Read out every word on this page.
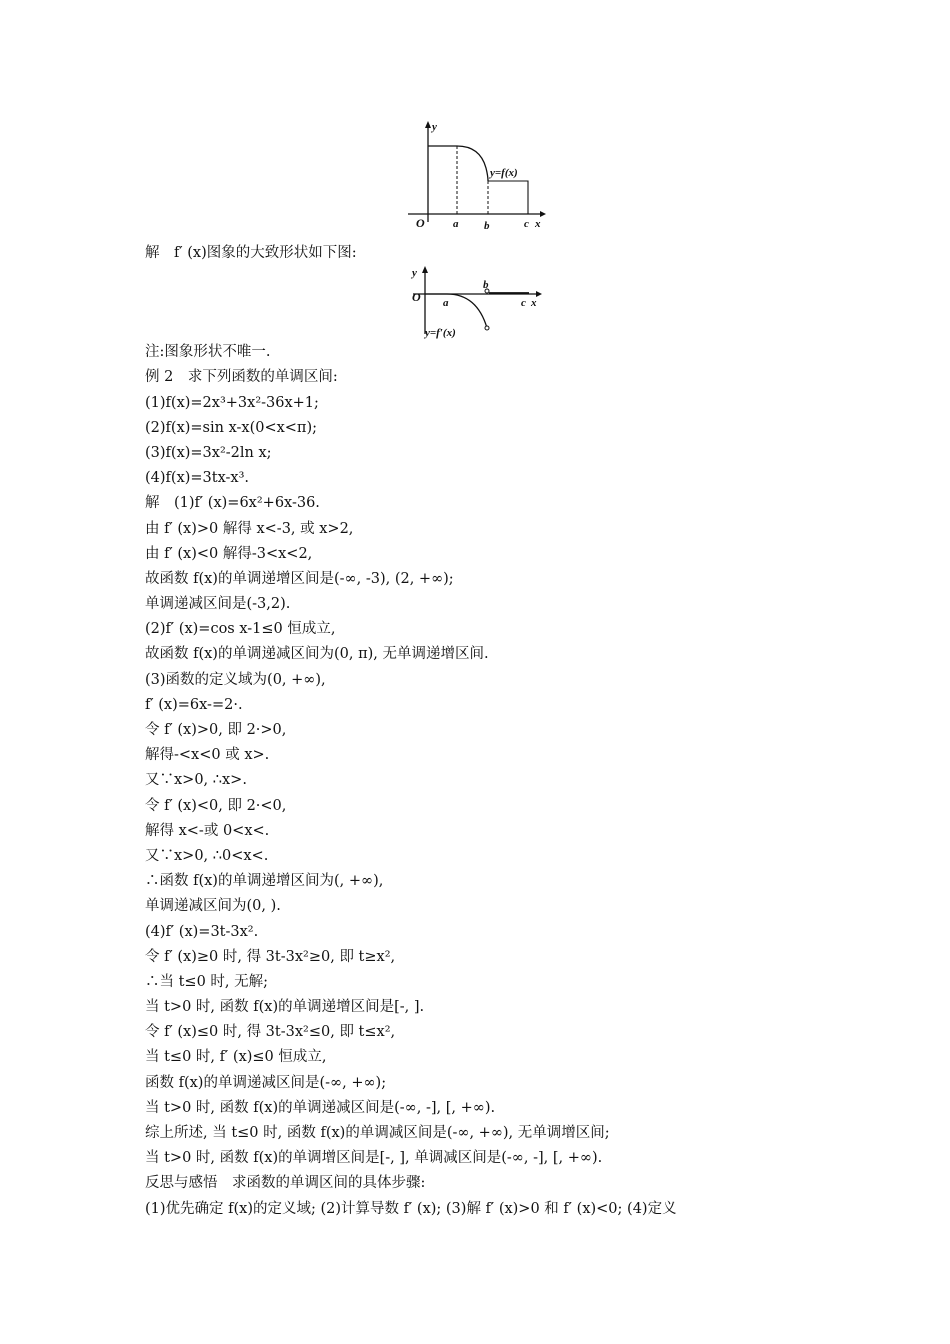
y
O	a b	c x
y=f(x)
y
O a
b
c x
y=f′(x)
解　f′ (x)图象的大致形状如下图:
注:图象形状不唯一.
例 2　求下列函数的单调区间:
(1)f(x)=2x³+3x²-36x+1;
(2)f(x)=sin x-x(0<x<π);
(3)f(x)=3x²-2ln x;
(4)f(x)=3tx-x³.
解　(1)f′ (x)=6x²+6x-36.
由 f′ (x)>0 解得 x<-3, 或 x>2,
由 f′ (x)<0 解得-3<x<2,
故函数 f(x)的单调递增区间是(-∞, -3), (2, +∞);
单调递减区间是(-3,2).
(2)f′ (x)=cos x-1≤0 恒成立,
故函数 f(x)的单调递减区间为(0, π), 无单调递增区间.
(3)函数的定义域为(0, +∞),
f′ (x)=6x-=2·.
令 f′ (x)>0, 即 2·>0,
解得-<x<0 或 x>.
又∵x>0, ∴x>.
令 f′ (x)<0, 即 2·<0,
解得 x<-或 0<x<.
又∵x>0, ∴0<x<.
∴函数 f(x)的单调递增区间为(, +∞),
单调递减区间为(0, ).
(4)f′ (x)=3t-3x².
令 f′ (x)≥0 时, 得 3t-3x²≥0, 即 t≥x²,
∴当 t≤0 时, 无解;
当 t>0 时, 函数 f(x)的单调递增区间是[-, ].
令 f′ (x)≤0 时, 得 3t-3x²≤0, 即 t≤x²,
当 t≤0 时, f′ (x)≤0 恒成立,
函数 f(x)的单调递减区间是(-∞, +∞);
当 t>0 时, 函数 f(x)的单调递减区间是(-∞, -], [, +∞).
综上所述, 当 t≤0 时, 函数 f(x)的单调减区间是(-∞, +∞), 无单调增区间;
当 t>0 时, 函数 f(x)的单调增区间是[-, ], 单调减区间是(-∞, -], [, +∞).
反思与感悟　求函数的单调区间的具体步骤:
(1)优先确定 f(x)的定义域; (2)计算导数 f′ (x); (3)解 f′ (x)>0 和 f′ (x)<0; (4)定义
